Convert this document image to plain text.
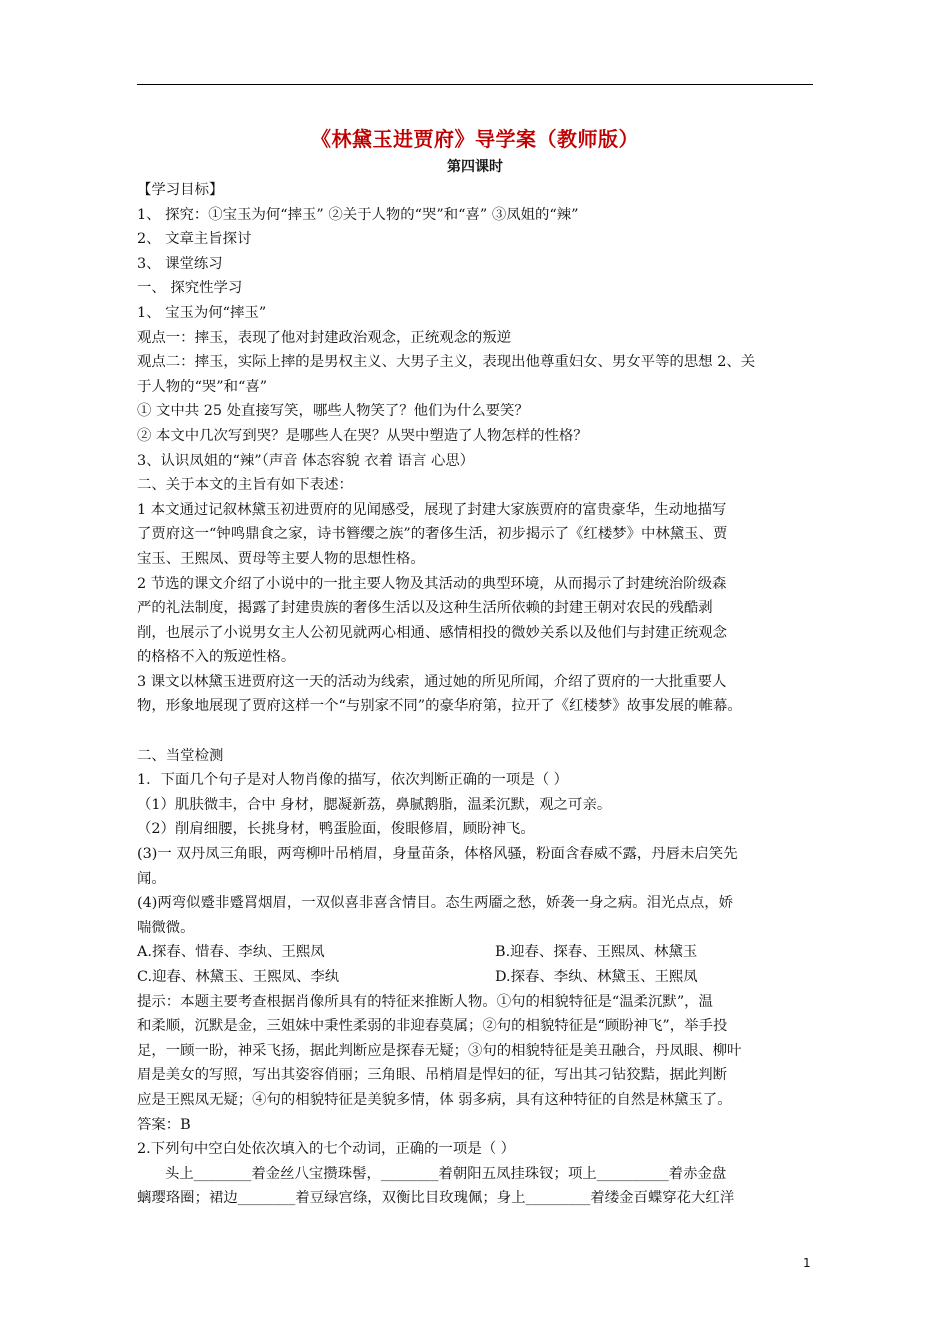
《林黛玉进贾府》导学案（教师版）
第四课时
【学习目标】
1、 探究：①宝玉为何“摔玉” ②关于人物的“哭”和“喜” ③凤姐的“辣”
2、 文章主旨探讨
3、 课堂练习
一、 探究性学习
1、 宝玉为何“摔玉”
观点一：摔玉，表现了他对封建政治观念，正统观念的叛逆
观点二：摔玉，实际上摔的是男权主义、大男子主义，表现出他尊重妇女、男女平等的思想 2、关
于人物的“哭”和“喜”
① 文中共 25 处直接写笑，哪些人物笑了？他们为什么要笑？
② 本文中几次写到哭？是哪些人在哭？从哭中塑造了人物怎样的性格？
3、认识凤姐的“辣”（声音 体态容貌 衣着 语言 心思）
二、关于本文的主旨有如下表述：
1 本文通过记叙林黛玉初进贾府的见闻感受，展现了封建大家族贾府的富贵豪华，生动地描写
了贾府这一“钟鸣鼎食之家，诗书簪缨之族”的奢侈生活，初步揭示了《红楼梦》中林黛玉、贾
宝玉、王熙凤、贾母等主要人物的思想性格。
2 节选的课文介绍了小说中的一批主要人物及其活动的典型环境，从而揭示了封建统治阶级森
严的礼法制度，揭露了封建贵族的奢侈生活以及这种生活所依赖的封建王朝对农民的残酷剥
削，也展示了小说男女主人公初见就两心相通、感情相投的微妙关系以及他们与封建正统观念
的格格不入的叛逆性格。
3 课文以林黛玉进贾府这一天的活动为线索，通过她的所见所闻，介绍了贾府的一大批重要人
物，形象地展现了贾府这样一个“与别家不同”的豪华府第，拉开了《红楼梦》故事发展的帷幕。
二、当堂检测
1．下面几个句子是对人物肖像的描写，依次判断正确的一项是（ ）
（1）肌肤微丰，合中 身材，腮凝新荔，鼻腻鹅脂，温柔沉默，观之可亲。
（2）削肩细腰，长挑身材，鸭蛋脸面，俊眼修眉，顾盼神飞。
(3)一 双丹凤三角眼，两弯柳叶吊梢眉，身量苗条，体格风骚，粉面含春威不露，丹唇未启笑先
闻。
(4)两弯似蹙非蹙罥烟眉，一双似喜非喜含情目。态生两靥之愁，娇袭一身之病。泪光点点，娇
喘微微。
A.探春、惜春、李纨、王熙凤	B.迎春、探春、王熙凤、林黛玉
C.迎春、林黛玉、王熙凤、李纨	D.探春、李纨、林黛玉、王熙凤
提示：本题主要考查根据肖像所具有的特征来推断人物。①句的相貌特征是“温柔沉默”，温
和柔顺，沉默是金，三姐妹中秉性柔弱的非迎春莫属；②句的相貌特征是“顾盼神飞”，举手投
足，一顾一盼，神采飞扬，据此判断应是探春无疑；③句的相貌特征是美丑融合，丹凤眼、柳叶
眉是美女的写照，写出其姿容俏丽；三角眼、吊梢眉是悍妇的征，写出其刁钻狡黠，据此判断
应是王熙凤无疑；④句的相貌特征是美貌多情，体 弱多病，具有这种特征的自然是林黛玉了。
答案：B
2.下列句中空白处依次填入的七个动词，正确的一项是（ ）
头上________着金丝八宝攒珠髻，________着朝阳五凤挂珠钗；项上__________着赤金盘
螭璎珞圈；裙边________着豆绿宫绦，双衡比目玫瑰佩；身上_________着缕金百蝶穿花大红洋
1
